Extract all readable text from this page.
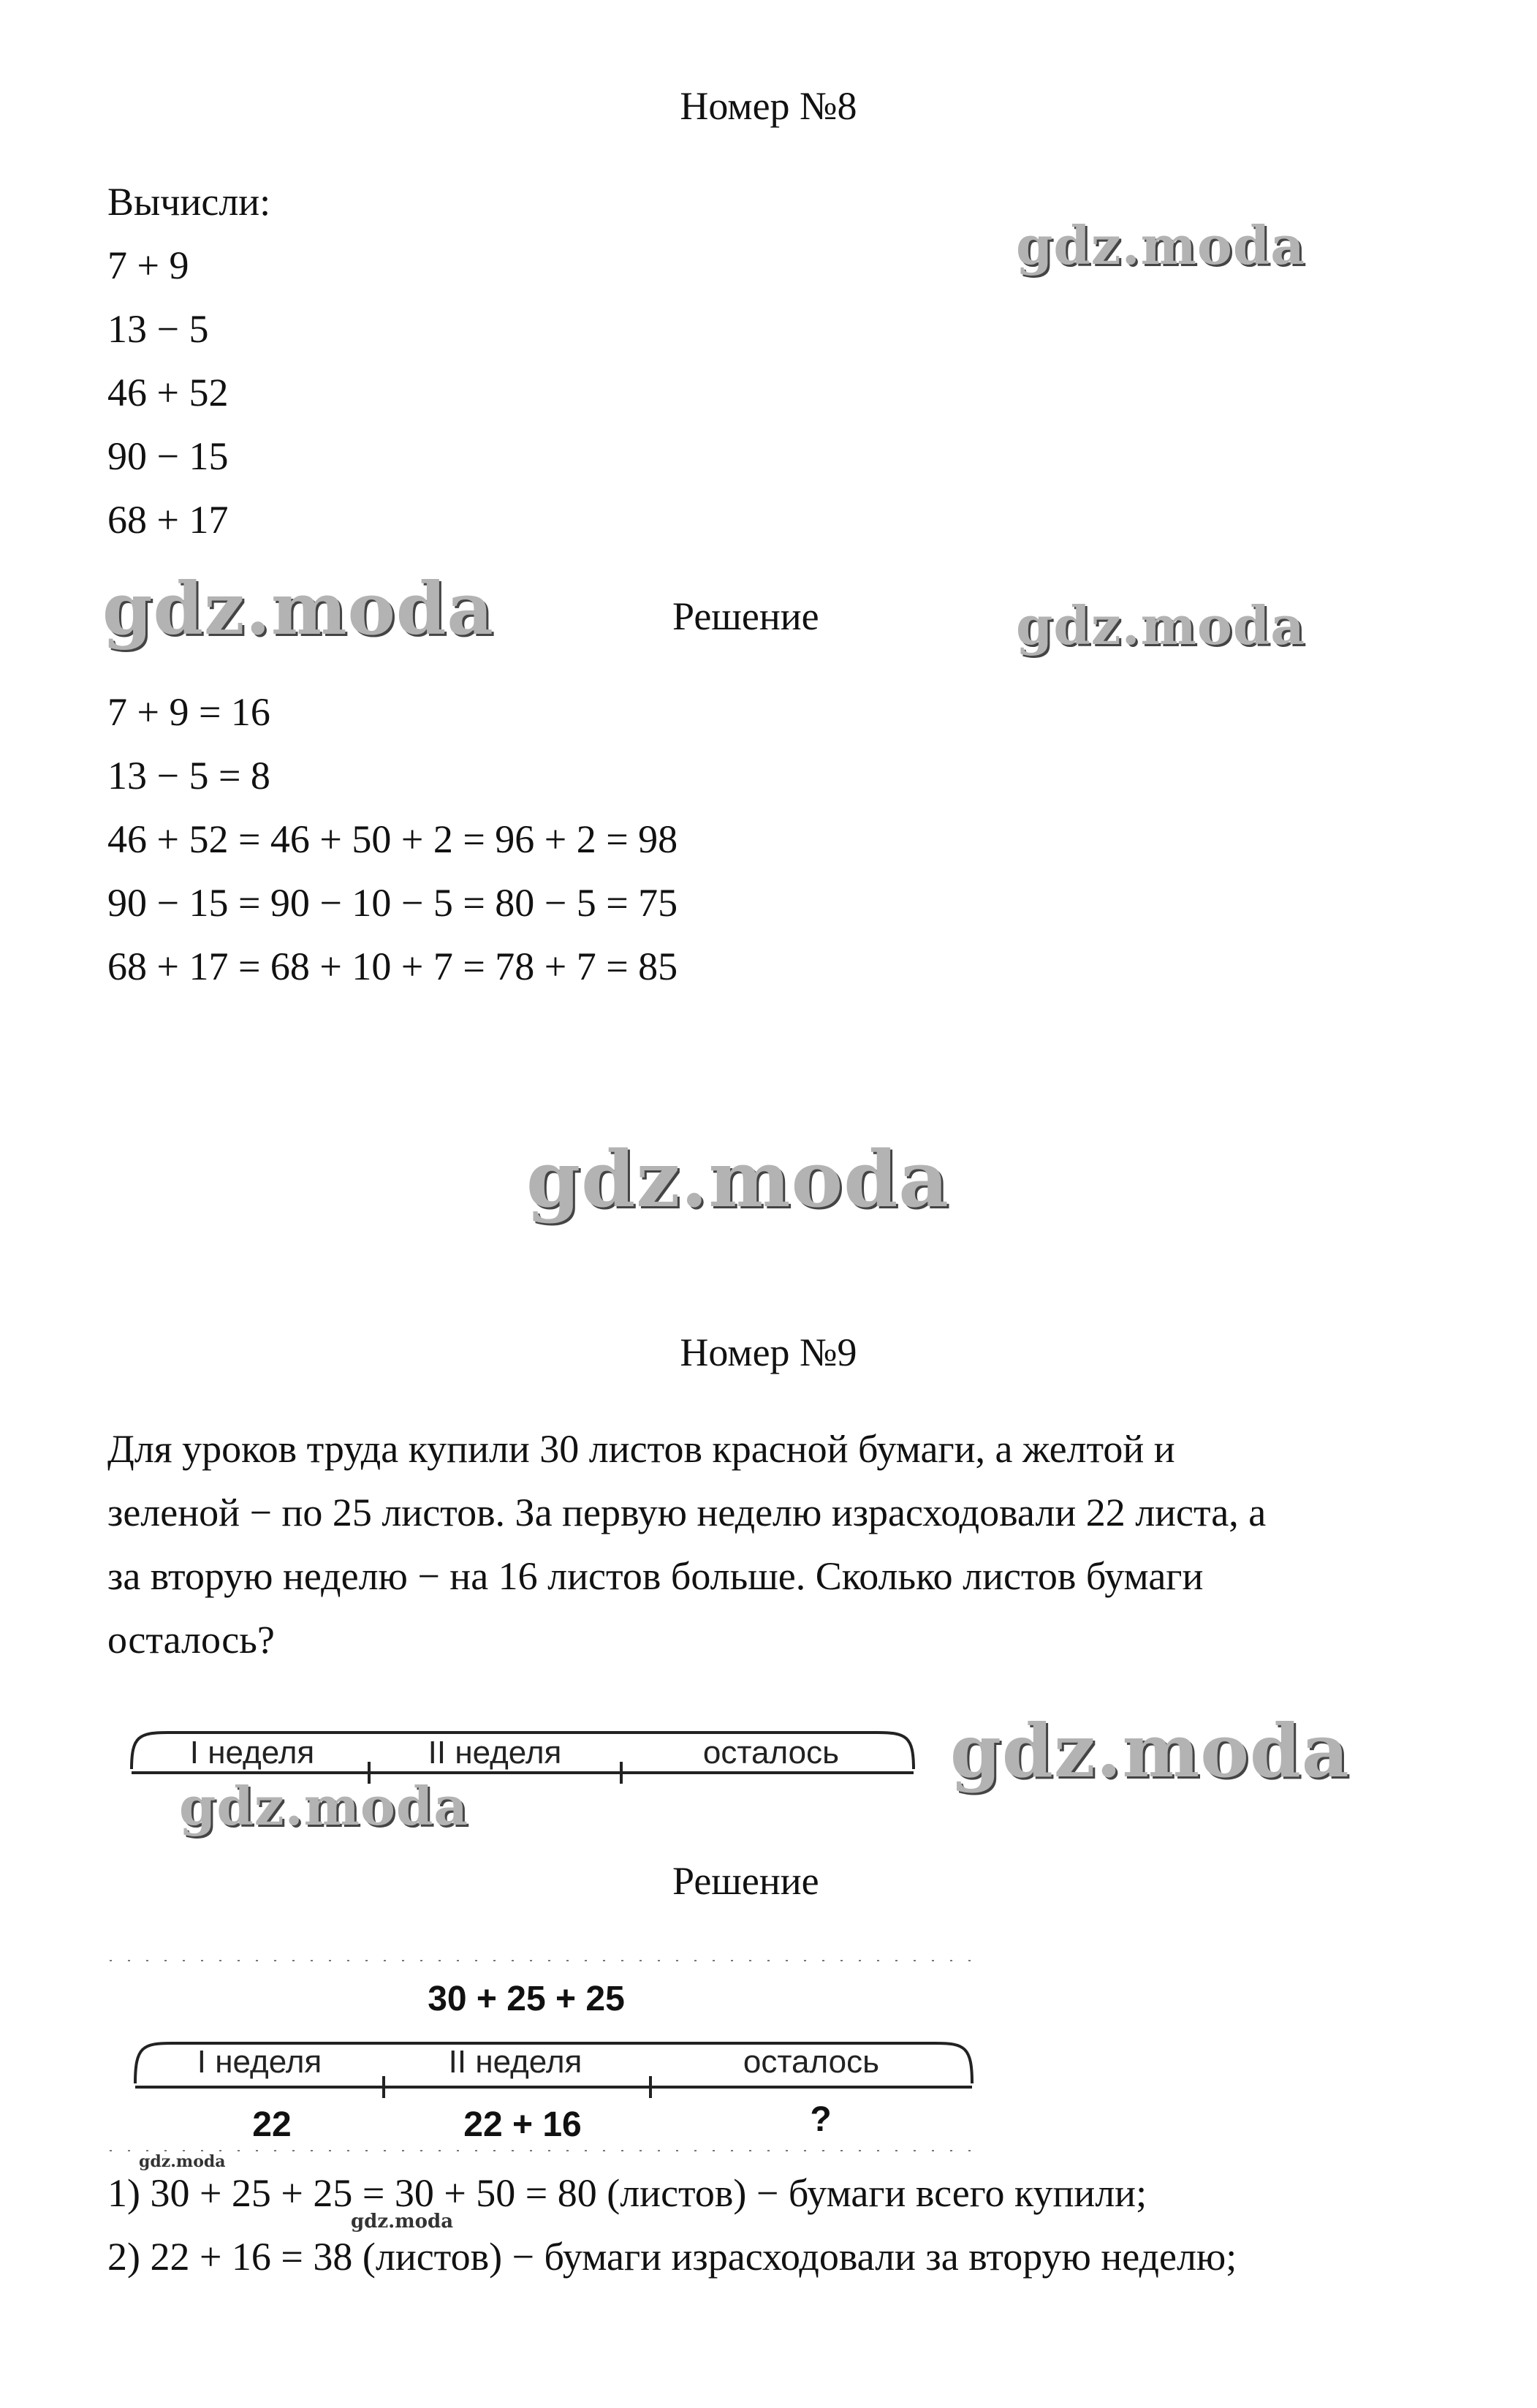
Номер №8
Вычисли:
7 + 9
13 − 5
46 + 52
90 − 15
68 + 17
Решение
7 + 9 = 16
13 − 5 = 8
46 + 52 = 46 + 50 + 2 = 96 + 2 = 98
90 − 15 = 90 − 10 − 5 = 80 − 5 = 75
68 + 17 = 68 + 10 + 7 = 78 + 7 = 85
Номер №9
Для уроков труда купили 30 листов красной бумаги, а желтой и
зеленой − по 25 листов. За первую неделю израсходовали 22 листа, а
за вторую неделю − на 16 листов больше. Сколько листов бумаги
осталось?
I неделя	II неделя	осталось
Решение
30 + 25 + 25
I неделя	II неделя	осталось
22	22 + 16	?
1) 30 + 25 + 25 = 30 + 50 = 80 (листов) − бумаги всего купили;
2) 22 + 16 = 38 (листов) − бумаги израсходовали за вторую неделю;
gdz.moda
gdz.moda	gdz.moda
gdz.moda
gdz.moda
gdz.moda
gdz.moda
gdz.moda
